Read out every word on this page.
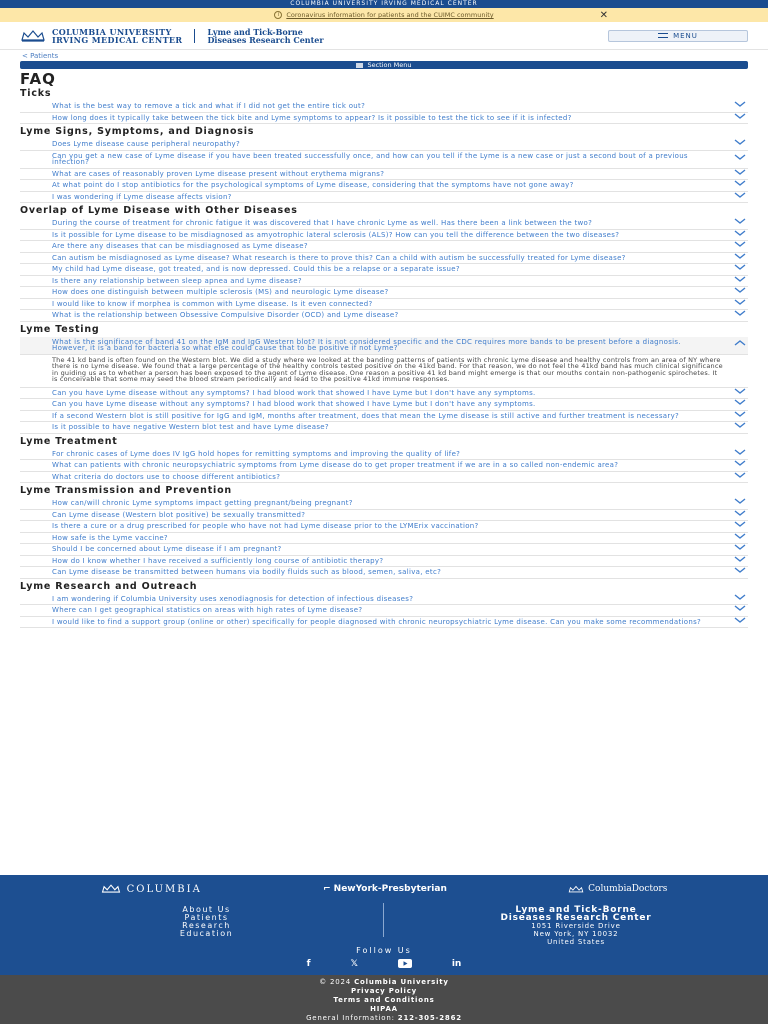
COLUMBIA UNIVERSITY IRVING MEDICAL CENTER
i	Coronavirus information for patients and the CUIMC community	✕
COLUMBIA UNIVERSITY
IRVING MEDICAL CENTER
Lyme and Tick-Borne
Diseases Research Center	MENU
< Patients
Section Menu
FAQ
Ticks
What is the best way to remove a tick and what if I did not get the entire tick out?
How long does it typically take between the tick bite and Lyme symptoms to appear? Is it possible to test the tick to see if it is infected?
Lyme Signs, Symptoms, and Diagnosis
Does Lyme disease cause peripheral neuropathy?
Can you get a new case of Lyme disease if you have been treated successfully once, and how can you tell if the Lyme is a new case or just a second bout of a previous infection?
What are cases of reasonably proven Lyme disease present without erythema migrans?
At what point do I stop antibiotics for the psychological symptoms of Lyme disease, considering that the symptoms have not gone away?
I was wondering if Lyme disease affects vision?
Overlap of Lyme Disease with Other Diseases
During the course of treatment for chronic fatigue it was discovered that I have chronic Lyme as well. Has there been a link between the two?
Is it possible for Lyme disease to be misdiagnosed as amyotrophic lateral sclerosis (ALS)? How can you tell the difference between the two diseases?
Are there any diseases that can be misdiagnosed as Lyme disease?
Can autism be misdiagnosed as Lyme disease? What research is there to prove this? Can a child with autism be successfully treated for Lyme disease?
My child had Lyme disease, got treated, and is now depressed. Could this be a relapse or a separate issue?
Is there any relationship between sleep apnea and Lyme disease?
How does one distinguish between multiple sclerosis (MS) and neurologic Lyme disease?
I would like to know if morphea is common with Lyme disease. Is it even connected?
What is the relationship between Obsessive Compulsive Disorder (OCD) and Lyme disease?
Lyme Testing
What is the significance of band 41 on the IgM and IgG Western blot? It is not considered specific and the CDC requires more bands to be present before a diagnosis. However, it is a band for bacteria so what else could cause that to be positive if not Lyme?
The 41 kd band is often found on the Western blot. We did a study where we looked at the banding patterns of patients with chronic Lyme disease and healthy controls from an area of NY where there is no Lyme disease. We found that a large percentage of the healthy controls tested positive on the 41kd band. For that reason, we do not feel the 41kd band has much clinical significance in guiding us as to whether a person has been exposed to the agent of Lyme disease. One reason a positive 41 kd band might emerge is that our mouths contain non-pathogenic spirochetes. It is conceivable that some may seed the blood stream periodically and lead to the positive 41kd immune responses.
Can you have Lyme disease without any symptoms? I had blood work that showed I have Lyme but I don't have any symptoms.
Can you have Lyme disease without any symptoms? I had blood work that showed I have Lyme but I don't have any symptoms.
If a second Western blot is still positive for IgG and IgM, months after treatment, does that mean the Lyme disease is still active and further treatment is necessary?
Is it possible to have negative Western blot test and have Lyme disease?
Lyme Treatment
For chronic cases of Lyme does IV IgG hold hopes for remitting symptoms and improving the quality of life?
What can patients with chronic neuropsychiatric symptoms from Lyme disease do to get proper treatment if we are in a so called non-endemic area?
What criteria do doctors use to choose different antibiotics?
Lyme Transmission and Prevention
How can/will chronic Lyme symptoms impact getting pregnant/being pregnant?
Can Lyme disease (Western blot positive) be sexually transmitted?
Is there a cure or a drug prescribed for people who have not had Lyme disease prior to the LYMErix vaccination?
How safe is the Lyme vaccine?
Should I be concerned about Lyme disease if I am pregnant?
How do I know whether I have received a sufficiently long course of antibiotic therapy?
Can Lyme disease be transmitted between humans via bodily fluids such as blood, semen, saliva, etc?
Lyme Research and Outreach
I am wondering if Columbia University uses xenodiagnosis for detection of infectious diseases?
Where can I get geographical statistics on areas with high rates of Lyme disease?
I would like to find a support group (online or other) specifically for people diagnosed with chronic neuropsychiatric Lyme disease. Can you make some recommendations?
COLUMBIA	⌐ NewYork-Presbyterian	ColumbiaDoctors
About Us
Patients
Research
Education
Lyme and Tick-Borne
Diseases Research Center
1051 Riverside Drive
New York, NY 10032
United States
Follow Us
f	𝕏	in
© 2024 Columbia University
Privacy Policy
Terms and Conditions
HIPAA
General Information: 212-305-2862
